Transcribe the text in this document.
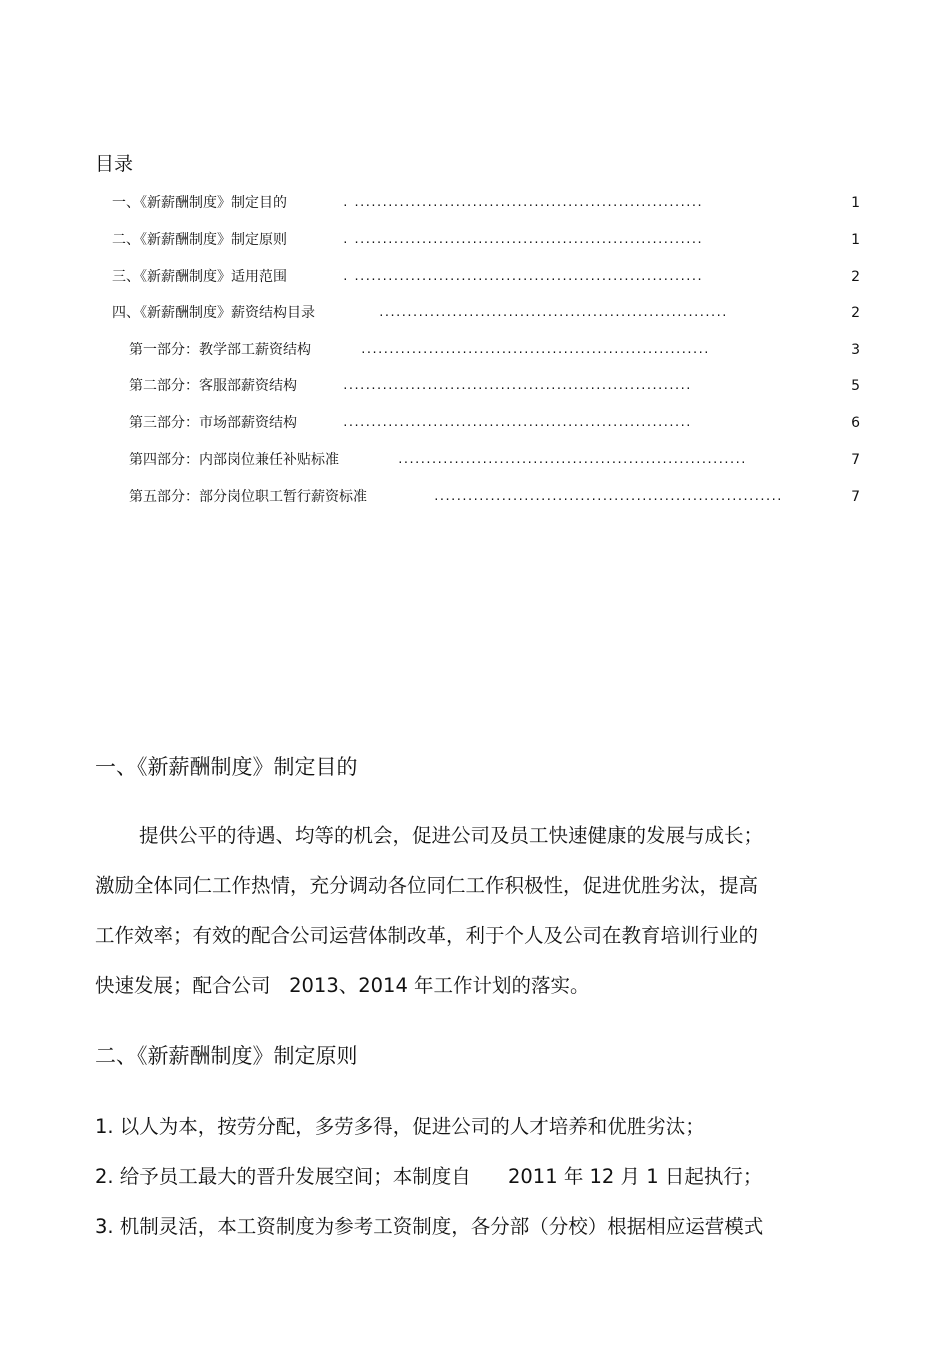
目录
一、《新薪酬制度》制定目的	. ..............................................................	1
二、《新薪酬制度》制定原则	. ..............................................................	1
三、《新薪酬制度》适用范围	. ..............................................................	2
四、《新薪酬制度》薪资结构目录	..............................................................	2
第一部分：教学部工薪资结构	..............................................................	3
第二部分：客服部薪资结构	..............................................................	5
第三部分：市场部薪资结构	..............................................................	6
第四部分：内部岗位兼任补贴标准	..............................................................	7
第五部分：部分岗位职工暂行薪资标准	..............................................................	7
一、《新薪酬制度》制定目的
提供公平的待遇、均等的机会，促进公司及员工快速健康的发展与成长；
激励全体同仁工作热情，充分调动各位同仁工作积极性，促进优胜劣汰，提高
工作效率；有效的配合公司运营体制改革，利于个人及公司在教育培训行业的
快速发展；配合公司   2013、2014 年工作计划的落实。
二、《新薪酬制度》制定原则
1. 以人为本，按劳分配，多劳多得，促进公司的人才培养和优胜劣汰；
2. 给予员工最大的晋升发展空间；本制度自      2011 年 12 月 1 日起执行；
3. 机制灵活，本工资制度为参考工资制度，各分部（分校）根据相应运营模式
